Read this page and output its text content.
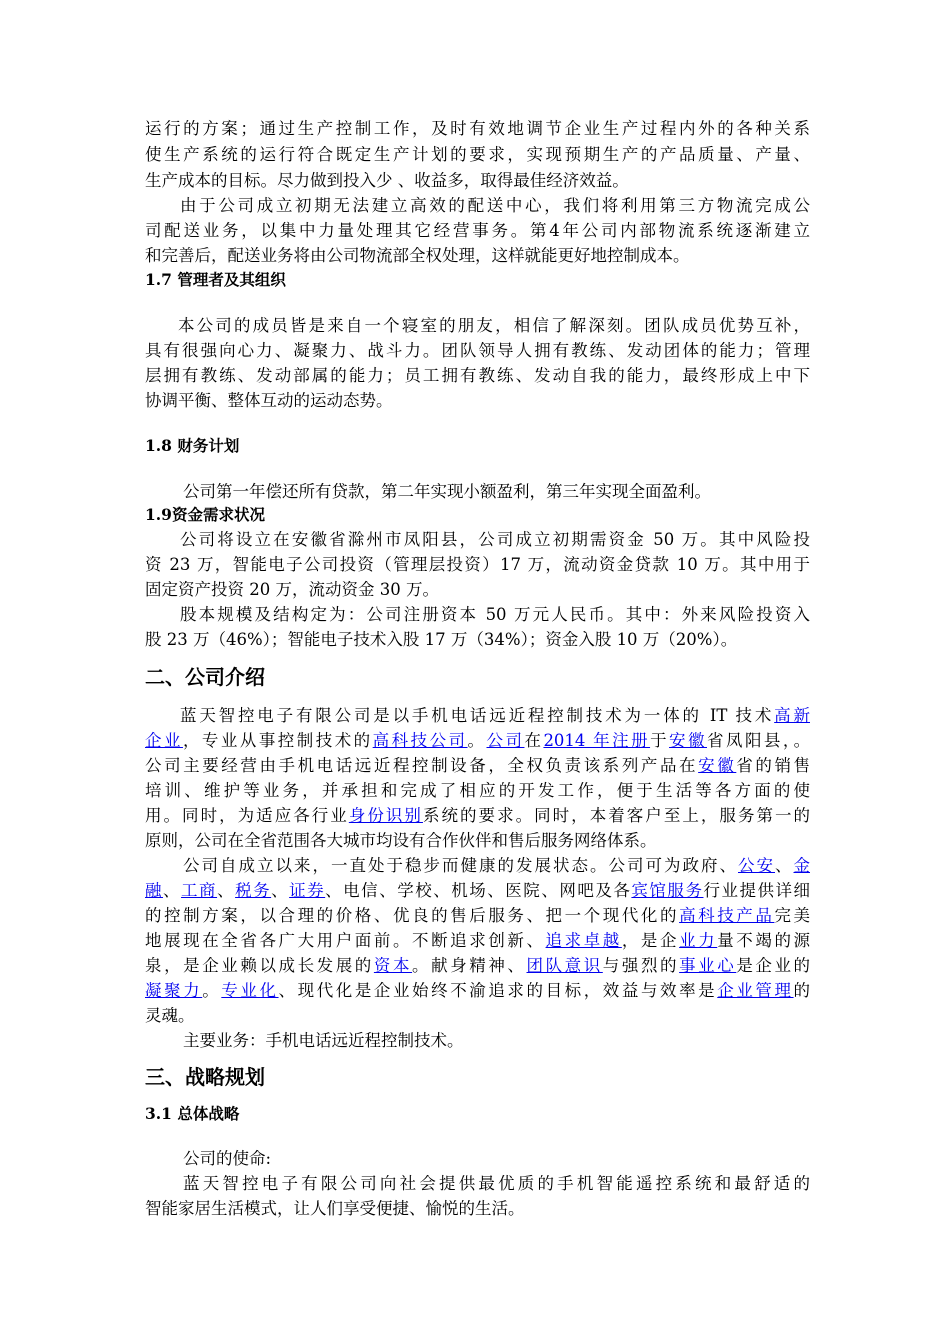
运行的方案；通过生产控制工作，及时有效地调节企业生产过程内外的各种关系
使生产系统的运行符合既定生产计划的要求，实现预期生产的产品质量、产量、
生产成本的目标。尽力做到投入少 、收益多，取得最佳经济效益。
由于公司成立初期无法建立高效的配送中心，我们将利用第三方物流完成公
司配送业务，以集中力量处理其它经营事务。第4年公司内部物流系统逐渐建立
和完善后，配送业务将由公司物流部全权处理，这样就能更好地控制成本。
1.7 管理者及其组织
本公司的成员皆是来自一个寝室的朋友，相信了解深刻。团队成员优势互补，
具有很强向心力、凝聚力、战斗力。团队领导人拥有教练、发动团体的能力；管理
层拥有教练、发动部属的能力；员工拥有教练、发动自我的能力，最终形成上中下
协调平衡、整体互动的运动态势。
1.8 财务计划
公司第一年偿还所有贷款，第二年实现小额盈利，第三年实现全面盈利。
1.9资金需求状况
公司将设立在安徽省滁州市凤阳县，公司成立初期需资金 50 万。其中风险投
资 23 万，智能电子公司投资（管理层投资）17 万，流动资金贷款 10 万。其中用于
固定资产投资 20 万，流动资金 30 万。
股本规模及结构定为：公司注册资本 50 万元人民币。其中：外来风险投资入
股 23 万（46%）；智能电子技术入股 17 万（34%）；资金入股 10 万（20%）。
二、公司介绍
蓝天智控电子有限公司是以手机电话远近程控制技术为一体的 IT 技术高新
企业，专业从事控制技术的高科技公司。公司在2014 年注册于安徽省凤阳县，。
公司主要经营由手机电话远近程控制设备，全权负责该系列产品在安徽省的销售
培训、维护等业务，并承担和完成了相应的开发工作，便于生活等各方面的使
用。同时，为适应各行业身份识别系统的要求。同时，本着客户至上，服务第一的
原则，公司在全省范围各大城市均设有合作伙伴和售后服务网络体系。
公司自成立以来，一直处于稳步而健康的发展状态。公司可为政府、公安、金
融、工商、税务、证券、电信、学校、机场、医院、网吧及各宾馆服务行业提供详细
的控制方案，以合理的价格、优良的售后服务、把一个现代化的高科技产品完美
地展现在全省各广大用户面前。不断追求创新、追求卓越，是企业力量不竭的源
泉，是企业赖以成长发展的资本。献身精神、团队意识与强烈的事业心是企业的
凝聚力。专业化、现代化是企业始终不渝追求的目标，效益与效率是企业管理的
灵魂。
主要业务：手机电话远近程控制技术。
三、战略规划
3.1 总体战略
公司的使命:
蓝天智控电子有限公司向社会提供最优质的手机智能遥控系统和最舒适的
智能家居生活模式，让人们享受便捷、愉悦的生活。
